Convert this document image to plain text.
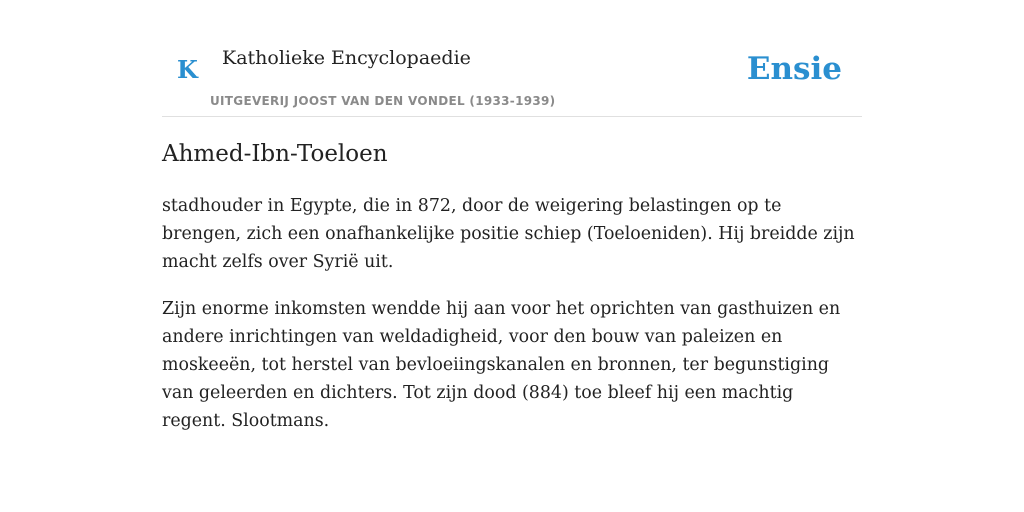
K Katholieke Encyclopaedie
UITGEVERIJ JOOST VAN DEN VONDEL (1933-1939)
Ensie
Ahmed-Ibn-Toeloen

stadhouder in Egypte, die in 872, door de weigering belastingen op te brengen, zich een onafhankelijke positie schiep (Toeloeniden). Hij breidde zijn macht zelfs over Syrië uit.

Zijn enorme inkomsten wendde hij aan voor het oprichten van gasthuizen en andere inrichtingen van weldadigheid, voor den bouw van paleizen en moskeeën, tot herstel van bevloeiingskanalen en bronnen, ter begunstiging van geleerden en dichters. Tot zijn dood (884) toe bleef hij een machtig regent. Slootmans.
